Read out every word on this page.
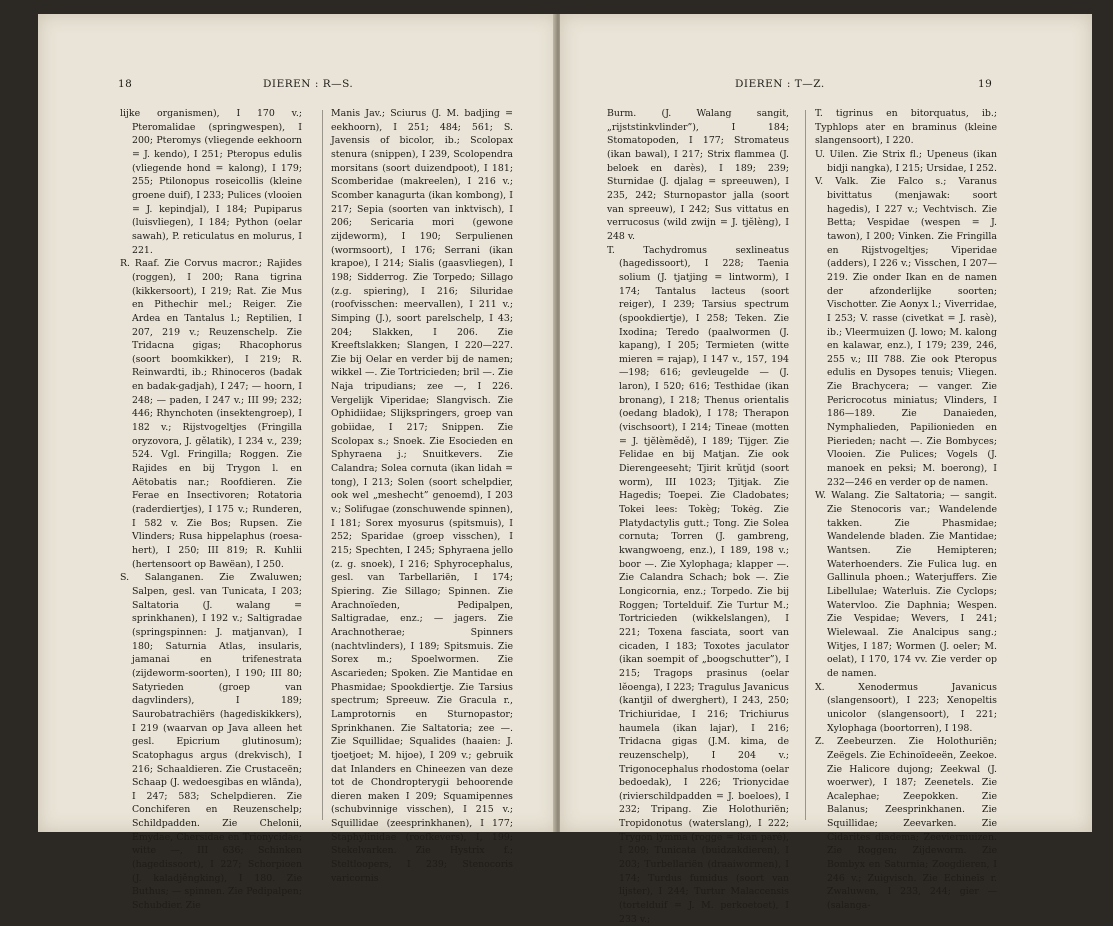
18	DIEREN : R—S.

lijke organismen), I 170 v.; Pteromalidae (springwespen), I 200; Pteromys (vliegende eekhoorn = J. kendo), I 251; Pteropus edulis (vliegende hond = kalong), I 179; 255; Ptilonopus roseicollis (kleine groene duif), I 233; Pulices (vlooien = J. kepindjal), I 184; Pupiparus (luisvliegen), I 184; Python (oelar sawah), P. reticulatus en molurus, I 221.

R. Raaf. Zie Corvus macror.; Rajides (roggen), I 200; Rana tigrina (kikkersoort), I 219; Rat. Zie Mus en Pithechir mel.; Reiger. Zie Ardea en Tantalus l.; Reptilien, I 207, 219 v.; Reuzenschelp. Zie Tridacna gigas; Rhacophorus (soort boomkikker), I 219; R. Reinwardti, ib.; Rhinoceros (badak en badak-gadjah), I 247; — hoorn, I 248; — paden, I 247 v.; III 99; 232; 446; Rhynchoten (insektengroep), I 182 v.; Rijstvogeltjes (Fringilla oryzovora, J. gělatik), I 234 v., 239; 524. Vgl. Fringilla; Roggen. Zie Rajides en bij Trygon l. en Aëtobatis nar.; Roofdieren. Zie Ferae en Insectivoren; Rotatoria (raderdiertjes), I 175 v.; Runderen, I 582 v. Zie Bos; Rupsen. Zie Vlinders; Rusa hippelaphus (roesa-hert), I 250; III 819; R. Kuhlii (hertensoort op Bawëan), I 250.

S. Salanganen. Zie Zwaluwen; Salpen, gesl. van Tunicata, I 203; Saltatoria (J. walang = sprinkhanen), I 192 v.; Saltigradae (springspinnen: J. matjanvan), I 180; Saturnia Atlas, insularis, jamanai en trifenestrata (zijdeworm-soorten), I 190; III 80; Satyrieden (groep van dagvlinders), I 189; Saurobatrachiërs (hagediskikkers), I 219 (waarvan op Java alleen het gesl. Epicrium glutinosum); Scatophagus argus (drekvisch), I 216; Schaaldieren. Zie Crustaceën; Schaap (J. wedoesgibas en wlănda), I 247; 583; Schelpdieren. Zie Conchiferen en Reuzenschelp; Schildpadden. Zie Chelonii, Emydae, Chersidae en Trionycidae; witte —, III 636; Schinken (hagedissoort), I 227; Schorpioen (J. kaladjěngking), I 180. Zie Buthus; — spinnen. Zie Pedipalpen; Schubdier. Zie

Manis Jav.; Sciurus (J. M. badjing = eekhoorn), I 251; 484; 561; S. Javensis of bicolor, ib.; Scolopax stenura (snippen), I 239, Scolopendra morsitans (soort duizendpoot), I 181; Scomberidae (makreelen), I 216 v.; Scomber kanagurta (ikan kombong), I 217; Sepia (soorten van inktvisch), I 206; Sericaria mori (gewone zijdeworm), I 190; Serpulienen (wormsoort), I 176; Serrani (ikan krapoe), I 214; Sialis (gaasvliegen), I 198; Sidderrog. Zie Torpedo; Sillago (z.g. spiering), I 216; Siluridae (roofvisschen: meervallen), I 211 v.; Simping (J.), soort parelschelp, I 43; 204; Slakken, I 206. Zie Kreeftslakken; Slangen, I 220—227. Zie bij Oelar en verder bij de namen; wikkel —. Zie Tortricieden; bril —. Zie Naja tripudians; zee —, I 226. Vergelijk Viperidae; Slangvisch. Zie Ophidiidae; Slijkspringers, groep van gobiidae, I 217; Snippen. Zie Scolopax s.; Snoek. Zie Esocieden en Sphyraena j.; Snuitkevers. Zie Calandra; Solea cornuta (ikan lidah = tong), I 213; Solen (soort schelpdier, ook wel „meshecht” genoemd), I 203 v.; Solifugae (zonschuwende spinnen), I 181; Sorex myosurus (spitsmuis), I 252; Sparidae (groep visschen), I 215; Spechten, I 245; Sphyraena jello (z. g. snoek), I 216; Sphyrocephalus, gesl. van Tarbellariën, I 174; Spiering. Zie Sillago; Spinnen. Zie Arachnoïeden, Pedipalpen, Saltigradae, enz.; — jagers. Zie Arachnotherae; Spinners (nachtvlinders), I 189; Spitsmuis. Zie Sorex m.; Spoelwormen. Zie Ascarieden; Spoken. Zie Mantidae en Phasmidae; Spookdiertje. Zie Tarsius spectrum; Spreeuw. Zie Gracula r., Lamprotornis en Sturnopastor; Sprinkhanen. Zie Saltatoria; zee —. Zie Squillidae; Squalides (haaien: J. tjoetjoet; M. hijoe), I 209 v.; gebruik dat Inlanders en Chineezen van deze tot de Chondropterygii behoorende dieren maken I 209; Squamipennes (schubvinnige visschen), I 215 v.; Squillidae (zeesprinkhanen), I 177; Staphylinidae (roofkevers), I, 199; Stekelvarken. Zie Hystrix f.; Steltloopers, I 239; Stenocoris varicornis

DIEREN : T—Z.	19

Burm. (J. Walang sangit, „rijststinkvlinder”), I 184; Stomatopoden, I 177; Stromateus (ikan bawal), I 217; Strix flammea (J. beloek en darès), I 189; 239; Sturnidae (J. djalag = spreeuwen), I 235, 242; Sturnopastor jalla (soort van spreeuw), I 242; Sus vittatus en verrucosus (wild zwijn = J. tjĕlèng), I 248 v.

T. Tachydromus sexlineatus (hagedissoort), I 228; Taenia solium (J. tjatjing = lintworm), I 174; Tantalus lacteus (soort reiger), I 239; Tarsius spectrum (spookdiertje), I 258; Teken. Zie Ixodina; Teredo (paalwormen (J. kapang), I 205; Termieten (witte mieren = rajap), I 147 v., 157, 194—198; 616; gevleugelde — (J. laron), I 520; 616; Testhidae (ikan bronang), I 218; Thenus orientalis (oedang bladok), I 178; Therapon (vischsoort), I 214; Tineae (motten = J. tjĕlèmědě), I 189; Tijger. Zie Felidae en bij Matjan. Zie ook Dierengeeseht; Tjirit krŭtjd (soort worm), III 1023; Tjitjak. Zie Hagedis; Toepei. Zie Cladobates; Tokei lees: Tokèg; Tokėg. Zie Platydactylis gutt.; Tong. Zie Solea cornuta; Torren (J. gambreng, kwangwoeng, enz.), I 189, 198 v.; boor —. Zie Xylophaga; klapper —. Zie Calandra Schach; bok —. Zie Longicornia, enz.; Torpedo. Zie bij Roggen; Tortelduif. Zie Turtur M.; Tortricieden (wikkelslangen), I 221; Toxena fasciata, soort van cicaden, I 183; Toxotes jaculator (ikan soempit of „boogschutter”), I 215; Tragops prasinus (oelar lĕoenga), I 223; Tragulus Javanicus (kantjil of dwerghert), I 243, 250; Trichiuridae, I 216; Trichiurus haumela (ikan lajar), I 216; Tridacna gigas (J.M. kima, de reuzenschelp), I 204 v.; Trigonocephalus rhodostoma (oelar bedoedak), I 226; Trionycidae (rivierschildpadden = J. boeloes), I 232; Tripang. Zie Holothuriën; Tropidonotus (waterslang), I 222; Trygon lymma (rogge = ikan paré), I 209; Tunicata (buidzakdieren), I 203; Turbellariën (draaiwormen), I 174; Turdus fumidus (soort van lijster), I 244; Turtur Malaccensis (tortelduif = J. M. perkoetoet), I 233 v.;

T. tigrinus en bitorquatus, ib.; Typhlops ater en braminus (kleine slangensoort), I 220.

U. Uilen. Zie Strix fl.; Upeneus (ikan bidji nangka), I 215; Ursidae, I 252.

V. Valk. Zie Falco s.; Varanus bivittatus (menjawak: soort hagedis), I 227 v.; Vechtvisch. Zie Betta; Vespidae (wespen = J. tawon), I 200; Vinken. Zie Fringilla en Rijstvogeltjes; Viperidae (adders), I 226 v.; Visschen, I 207—219. Zie onder Ikan en de namen der afzonderlijke soorten; Vischotter. Zie Aonyx l.; Viverridae, I 253; V. rasse (civetkat = J. rasè), ib.; Vleermuizen (J. lowo; M. kalong en kalawar, enz.), I 179; 239, 246, 255 v.; III 788. Zie ook Pteropus edulis en Dysopes tenuis; Vliegen. Zie Brachycera; — vanger. Zie Pericrocotus miniatus; Vlinders, I 186—189. Zie Danaieden, Nymphalieden, Papilionieden en Pierieden; nacht —. Zie Bombyces; Vlooien. Zie Pulices; Vogels (J. manoek en peksi; M. boerong), I 232—246 en verder op de namen.

W. Walang. Zie Saltatoria; — sangit. Zie Stenocoris var.; Wandelende takken. Zie Phasmidae; Wandelende bladen. Zie Mantidae; Wantsen. Zie Hemipteren; Waterhoenders. Zie Fulica lug. en Gallinula phoen.; Waterjuffers. Zie Libellulae; Waterluis. Zie Cyclops; Watervloo. Zie Daphnia; Wespen. Zie Vespidae; Wevers, I 241; Wielewaal. Zie Analcipus sang.; Witjes, I 187; Wormen (J. oeler; M. oelat), I 170, 174 vv. Zie verder op de namen.

X. Xenodermus Javanicus (slangensoort), I 223; Xenopeltis unicolor (slangensoort), I 221; Xylophaga (boortorren), I 198.

Z. Zeebeurzen. Zie Holothuriën; Zeëgels. Zie Echinoïdeeën, Zeekoe. Zie Halicore dujong; Zeekwal (J. woerwer), I 187; Zeenetels. Zie Acalephae; Zeepokken. Zie Balanus; Zeesprinkhanen. Zie Squillidae; Zeevarken. Zie Cidarites diadema; Zeeviermuizen. Zie Roggen; Zijdeworm. Zie Bombyx en Saturnia; Zoogdieren, I 246 v.; Zuigvisch. Zie Echineïs r. Zwaluwen, I 233, 244; gier — (salanga-
